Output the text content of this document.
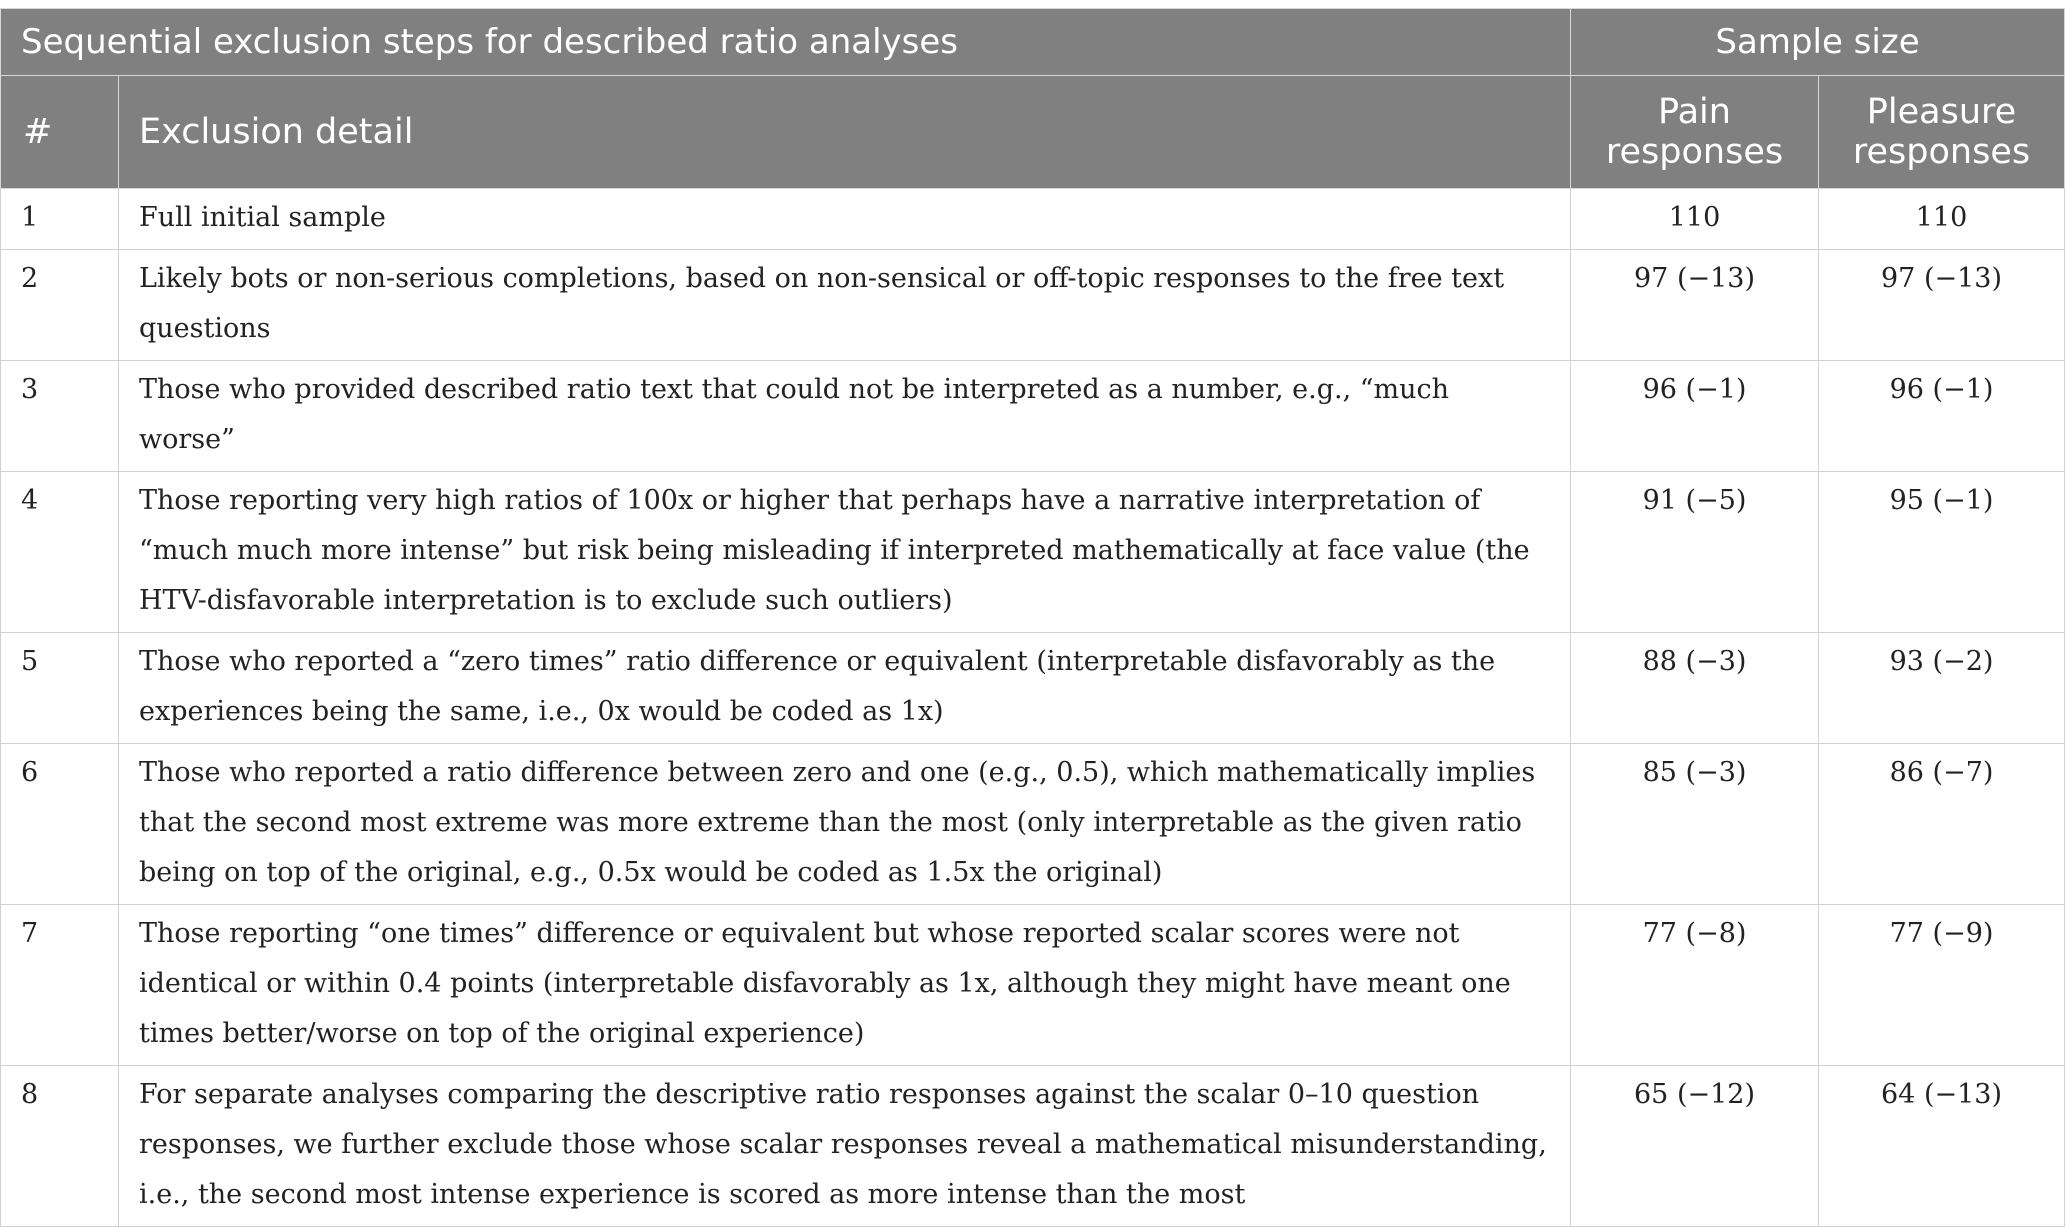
Sequential exclusion steps for described ratio analyses		Sample size	
#	Exclusion detail	Pain responses	Pleasure responses
1	Full initial sample	110	110
2	Likely bots or non-serious completions, based on non-sensical or off-topic responses to the free text questions	97 (−13)	97 (−13)
3	Those who provided described ratio text that could not be interpreted as a number, e.g., “much worse”	96 (−1)	96 (−1)
4	Those reporting very high ratios of 100x or higher that perhaps have a narrative interpretation of “much much more intense” but risk being misleading if interpreted mathematically at face value (the HTV-disfavorable interpretation is to exclude such outliers)	91 (−5)	95 (−1)
5	Those who reported a “zero times” ratio difference or equivalent (interpretable disfavorably as the experiences being the same, i.e., 0x would be coded as 1x)	88 (−3)	93 (−2)
6	Those who reported a ratio difference between zero and one (e.g., 0.5), which mathematically implies that the second most extreme was more extreme than the most (only interpretable as the given ratio being on top of the original, e.g., 0.5x would be coded as 1.5x the original)	85 (−3)	86 (−7)
7	Those reporting “one times” difference or equivalent but whose reported scalar scores were not identical or within 0.4 points (interpretable disfavorably as 1x, although they might have meant one times better/worse on top of the original experience)	77 (−8)	77 (−9)
8	For separate analyses comparing the descriptive ratio responses against the scalar 0–10 question responses, we further exclude those whose scalar responses reveal a mathematical misunderstanding, i.e., the second most intense experience is scored as more intense than the most	65 (−12)	64 (−13)
